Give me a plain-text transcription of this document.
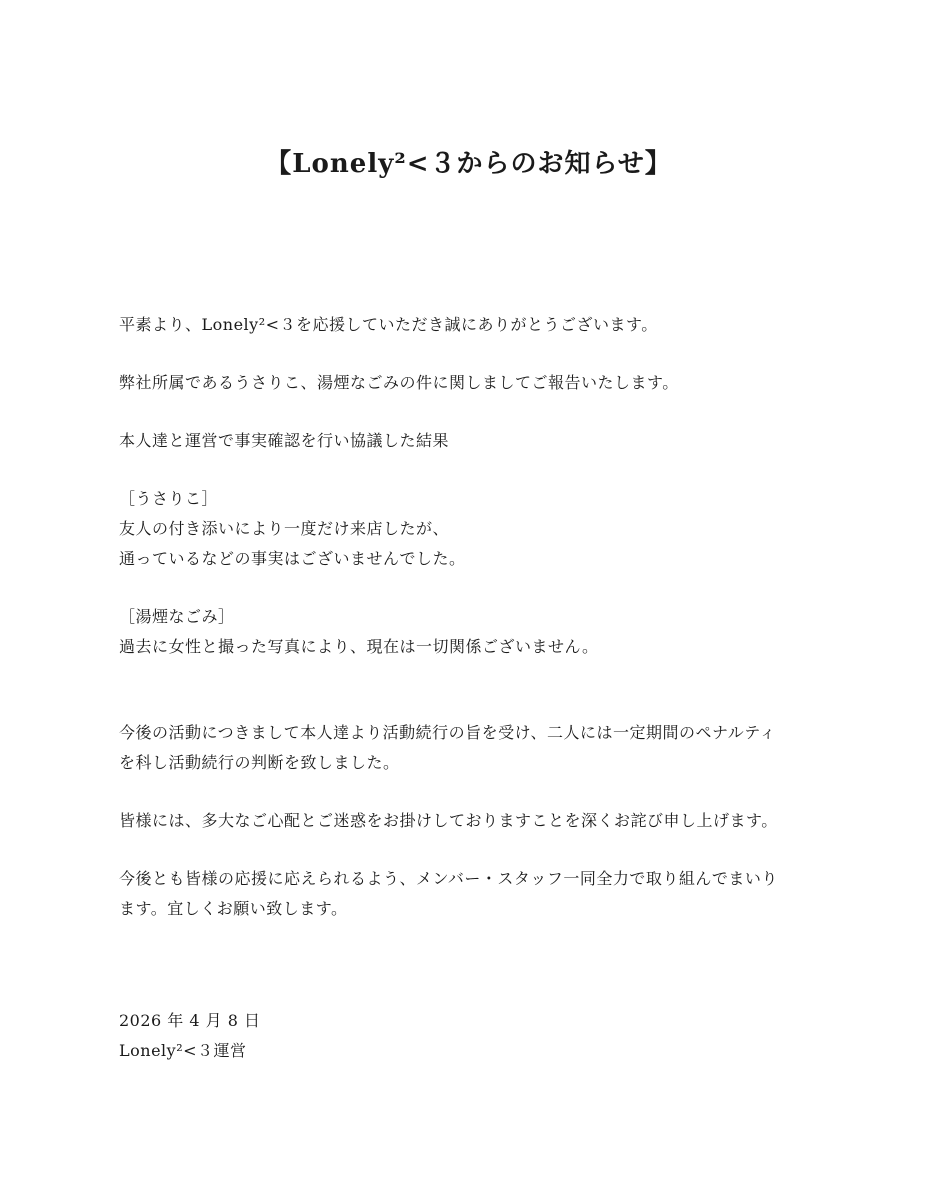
【Lonely²<３からのお知らせ】
平素より、Lonely²<３を応援していただき誠にありがとうございます。
弊社所属であるうさりこ、湯煙なごみの件に関しましてご報告いたします。
本人達と運営で事実確認を行い協議した結果
［うさりこ］
友人の付き添いにより一度だけ来店したが、
通っているなどの事実はございませんでした。
［湯煙なごみ］
過去に女性と撮った写真により、現在は一切関係ございません。
今後の活動につきまして本人達より活動続行の旨を受け、二人には一定期間のペナルティ
を科し活動続行の判断を致しました。
皆様には、多大なご心配とご迷惑をお掛けしておりますことを深くお詫び申し上げます。
今後とも皆様の応援に応えられるよう、メンバー・スタッフ一同全力で取り組んでまいり
ます。宜しくお願い致します。
2026 年 4 月 8 日
Lonely²<３運営
